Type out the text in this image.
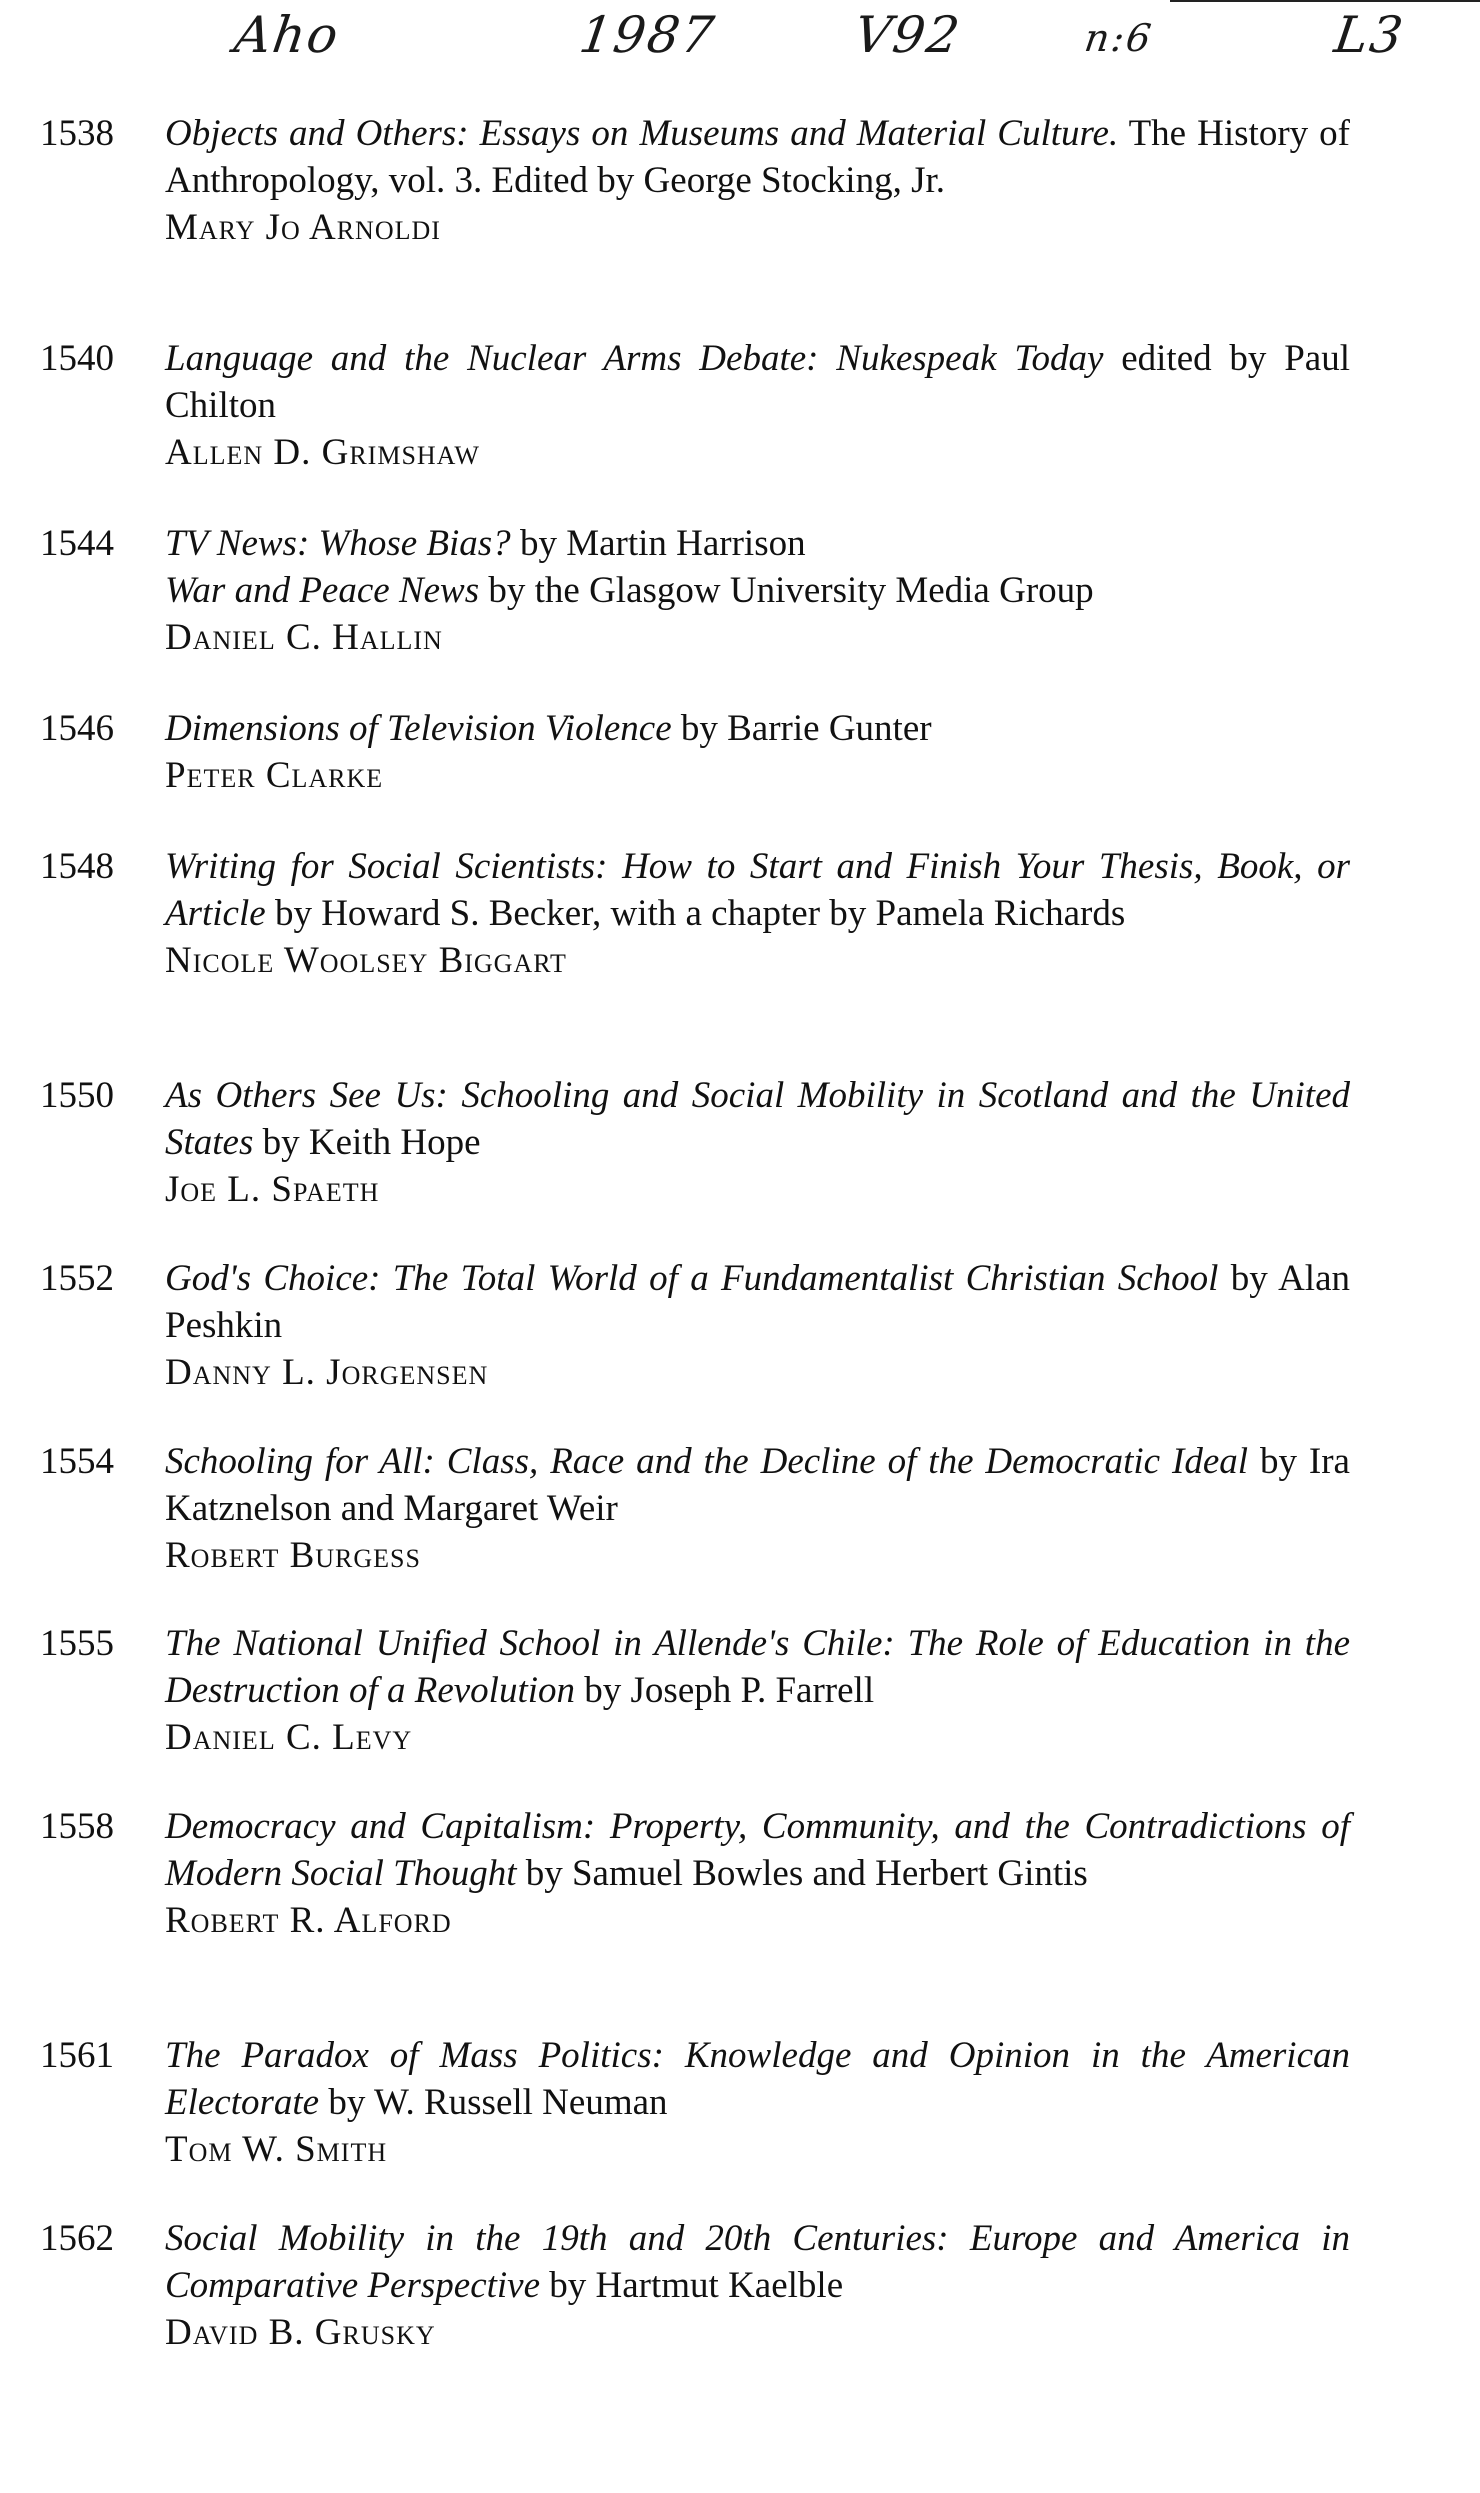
Aho	1987	V92	n:6	L3
1538	Objects and Others: Essays on Museums and Material Culture. The History of Anthropology, vol. 3. Edited by George Stocking, Jr.
Mary Jo Arnoldi
1540	Language and the Nuclear Arms Debate: Nukespeak Today edited by Paul Chilton
Allen D. Grimshaw
1544	TV News: Whose Bias? by Martin Harrison
War and Peace News by the Glasgow University Media Group
Daniel C. Hallin
1546	Dimensions of Television Violence by Barrie Gunter
Peter Clarke
1548	Writing for Social Scientists: How to Start and Finish Your Thesis, Book, or Article by Howard S. Becker, with a chapter by Pamela Richards
Nicole Woolsey Biggart
1550	As Others See Us: Schooling and Social Mobility in Scotland and the United States by Keith Hope
Joe L. Spaeth
1552	God's Choice: The Total World of a Fundamentalist Christian School by Alan Peshkin
Danny L. Jorgensen
1554	Schooling for All: Class, Race and the Decline of the Democratic Ideal by Ira Katznelson and Margaret Weir
Robert Burgess
1555	The National Unified School in Allende's Chile: The Role of Education in the Destruction of a Revolution by Joseph P. Farrell
Daniel C. Levy
1558	Democracy and Capitalism: Property, Community, and the Contradictions of Modern Social Thought by Samuel Bowles and Herbert Gintis
Robert R. Alford
1561	The Paradox of Mass Politics: Knowledge and Opinion in the American Electorate by W. Russell Neuman
Tom W. Smith
1562	Social Mobility in the 19th and 20th Centuries: Europe and America in Comparative Perspective by Hartmut Kaelble
David B. Grusky
